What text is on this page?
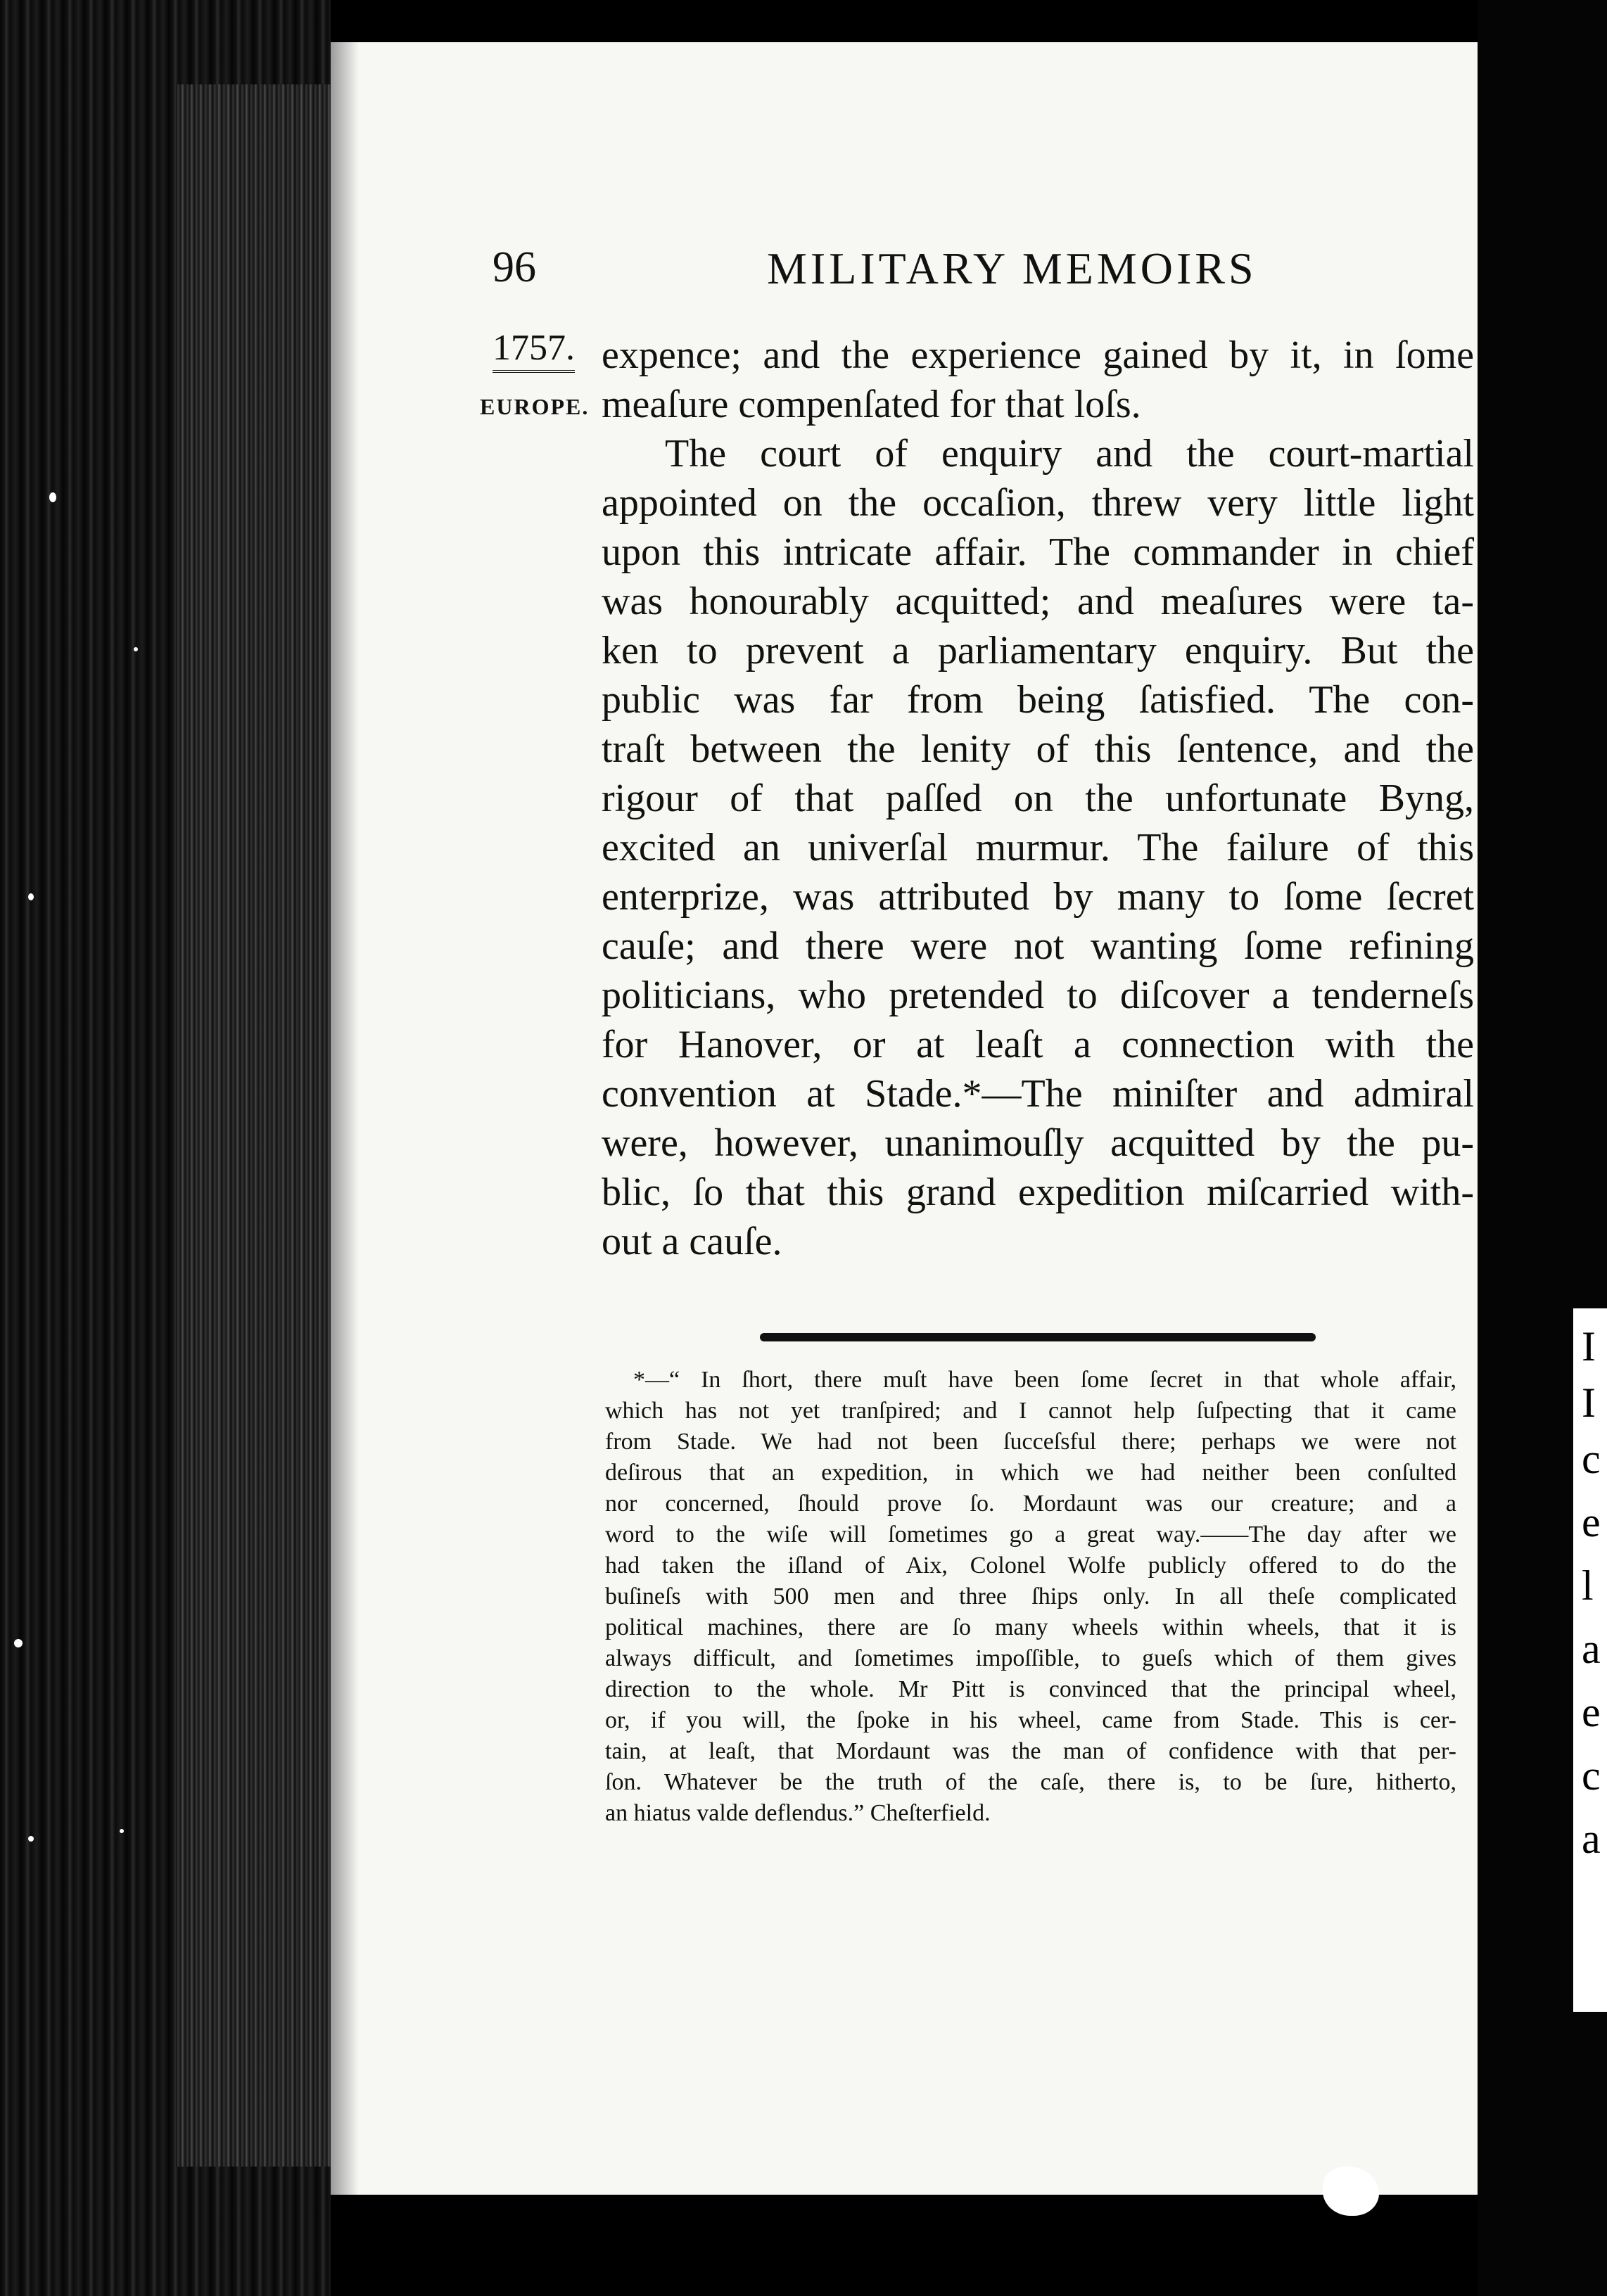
I
I
c
e
l
a
e
c
a
96	MILITARY MEMOIRS
1757.
EUROPE.
expence; and the experience gained by it, in ſome
meaſure compenſated for that loſs.
The court of enquiry and the court-martial
appointed on the occaſion, threw very little light
upon this intricate affair. The commander in chief
was honourably acquitted; and meaſures were ta-
ken to prevent a parliamentary enquiry. But the
public was far from being ſatisfied. The con-
traſt between the lenity of this ſentence, and the
rigour of that paſſed on the unfortunate Byng,
excited an univerſal murmur. The failure of this
enterprize, was attributed by many to ſome ſecret
cauſe; and there were not wanting ſome refining
politicians, who pretended to diſcover a tenderneſs
for Hanover, or at leaſt a connection with the
convention at Stade.*—The miniſter and admiral
were, however, unanimouſly acquitted by the pu-
blic, ſo that this grand expedition miſcarried with-
out a cauſe.
*—“ In ſhort, there muſt have been ſome ſecret in that whole affair,
which has not yet tranſpired; and I cannot help ſuſpecting that it came
from Stade. We had not been ſucceſsful there; perhaps we were not
deſirous that an expedition, in which we had neither been conſulted
nor concerned, ſhould prove ſo. Mordaunt was our creature; and a
word to the wiſe will ſometimes go a great way.——The day after we
had taken the iſland of Aix, Colonel Wolfe publicly offered to do the
buſineſs with 500 men and three ſhips only. In all theſe complicated
political machines, there are ſo many wheels within wheels, that it is
always difficult, and ſometimes impoſſible, to gueſs which of them gives
direction to the whole. Mr Pitt is convinced that the principal wheel,
or, if you will, the ſpoke in his wheel, came from Stade. This is cer-
tain, at leaſt, that Mordaunt was the man of confidence with that per-
ſon. Whatever be the truth of the caſe, there is, to be ſure, hitherto,
an hiatus valde deflendus.” Cheſterfield.
